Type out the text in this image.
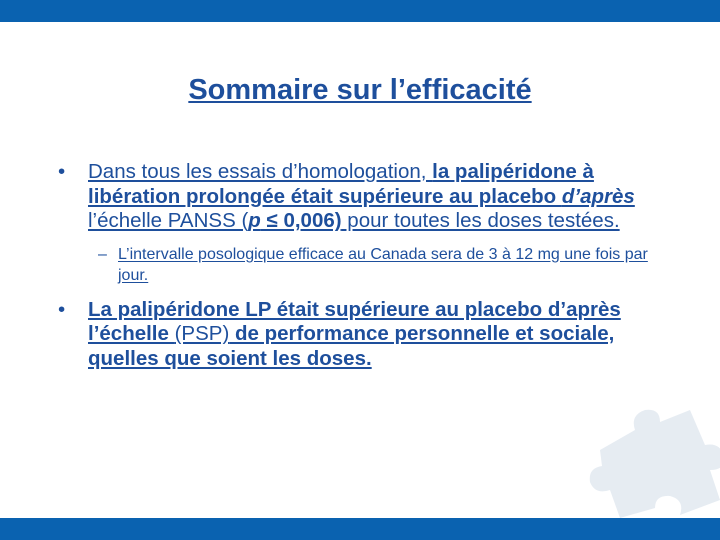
Sommaire sur l’efficacité
•	Dans tous les essais d’homologation, la palipéridone à libération prolongée était supérieure au placebo d’après l’échelle PANSS (p ≤ 0,006) pour toutes les doses testées.
– L’intervalle posologique efficace au Canada sera de 3 à 12 mg une fois par jour.
•	La palipéridone LP était supérieure au placebo d’après l’échelle (PSP) de performance personnelle et sociale, quelles que soient les doses.
